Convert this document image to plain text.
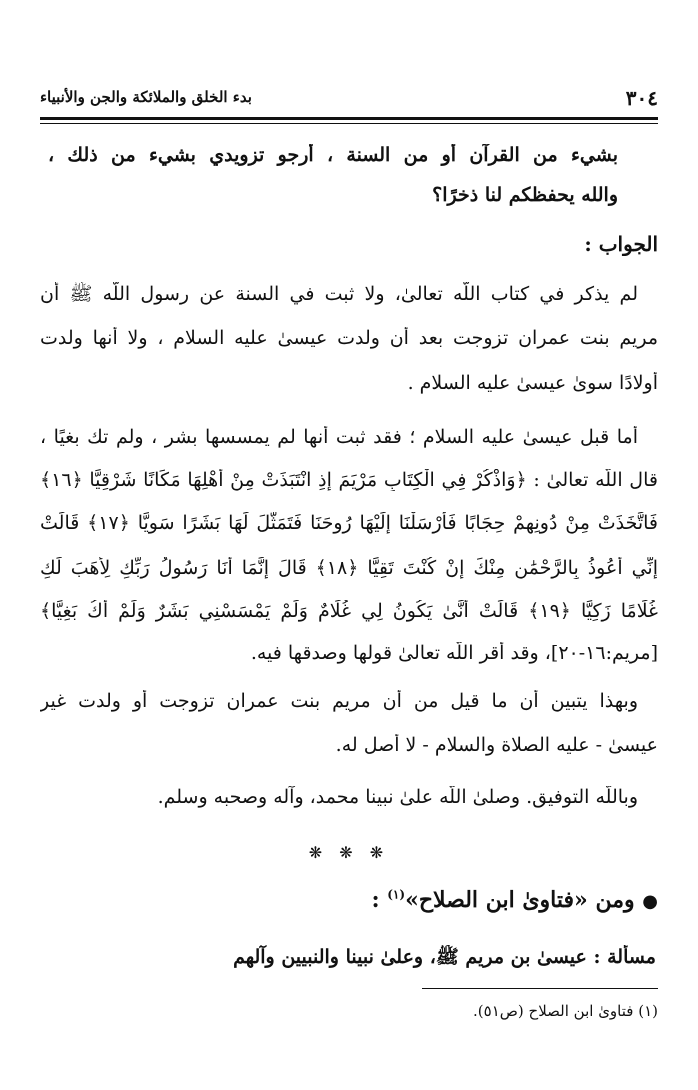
٣٠٤
بدء الخلق والملائكة والجن والأنبياء
بشيء من القرآن أو من السنة ، أرجو تزويدي بشيء من ذلك ،
والله يحفظكم لنا ذخرًا؟
الجواب :
لم يذكر في كتاب اللّه تعالىٰ، ولا ثبت في السنة عن رسول اللّه ﷺ أن
مريم بنت عمران تزوجت بعد أن ولدت عيسىٰ عليه السلام ، ولا أنها ولدت
أولادًا سوىٰ عيسىٰ عليه السلام .
أما قبل عيسىٰ عليه السلام ؛ فقد ثبت أنها لم يمسسها بشر ، ولم تك بغيًا ،
قال اللّه تعالىٰ : ﴿وَاذْكُرْ فِي الْكِتَابِ مَرْيَمَ إِذِ انْتَبَذَتْ مِنْ أَهْلِهَا مَكَانًا شَرْقِيًّا ﴿١٦﴾
فَاتَّخَذَتْ مِنْ دُونِهِمْ حِجَابًا فَأَرْسَلْنَا إِلَيْهَا رُوحَنَا فَتَمَثَّلَ لَهَا بَشَرًا سَوِيًّا ﴿١٧﴾ قَالَتْ
إِنِّي أَعُوذُ بِالرَّحْمَٰنِ مِنْكَ إِنْ كُنْتَ تَقِيًّا ﴿١٨﴾ قَالَ إِنَّمَا أَنَا رَسُولُ رَبِّكِ لِأَهَبَ لَكِ
غُلَامًا زَكِيًّا ﴿١٩﴾ قَالَتْ أَنَّىٰ يَكُونُ لِي غُلَامٌ وَلَمْ يَمْسَسْنِي بَشَرٌ وَلَمْ أَكُ بَغِيًّا﴾
[مريم:١٦-٢٠]، وقد أقر اللّه تعالىٰ قولها وصدقها فيه.
وبهذا يتبين أن ما قيل من أن مريم بنت عمران تزوجت أو ولدت غير
عيسىٰ - عليه الصلاة والسلام - لا أصل له.
وباللّه التوفيق. وصلىٰ اللّه علىٰ نبينا محمد، وآله وصحبه وسلم.
❋ ❋ ❋
● ومن «فتاوىٰ ابن الصلاح»$^{(١)}$ :
مسألة : عيسىٰ بن مريم ﷺ، وعلىٰ نبينا والنبيين وآلهم
(١) فتاوىٰ ابن الصلاح (ص٥١).
